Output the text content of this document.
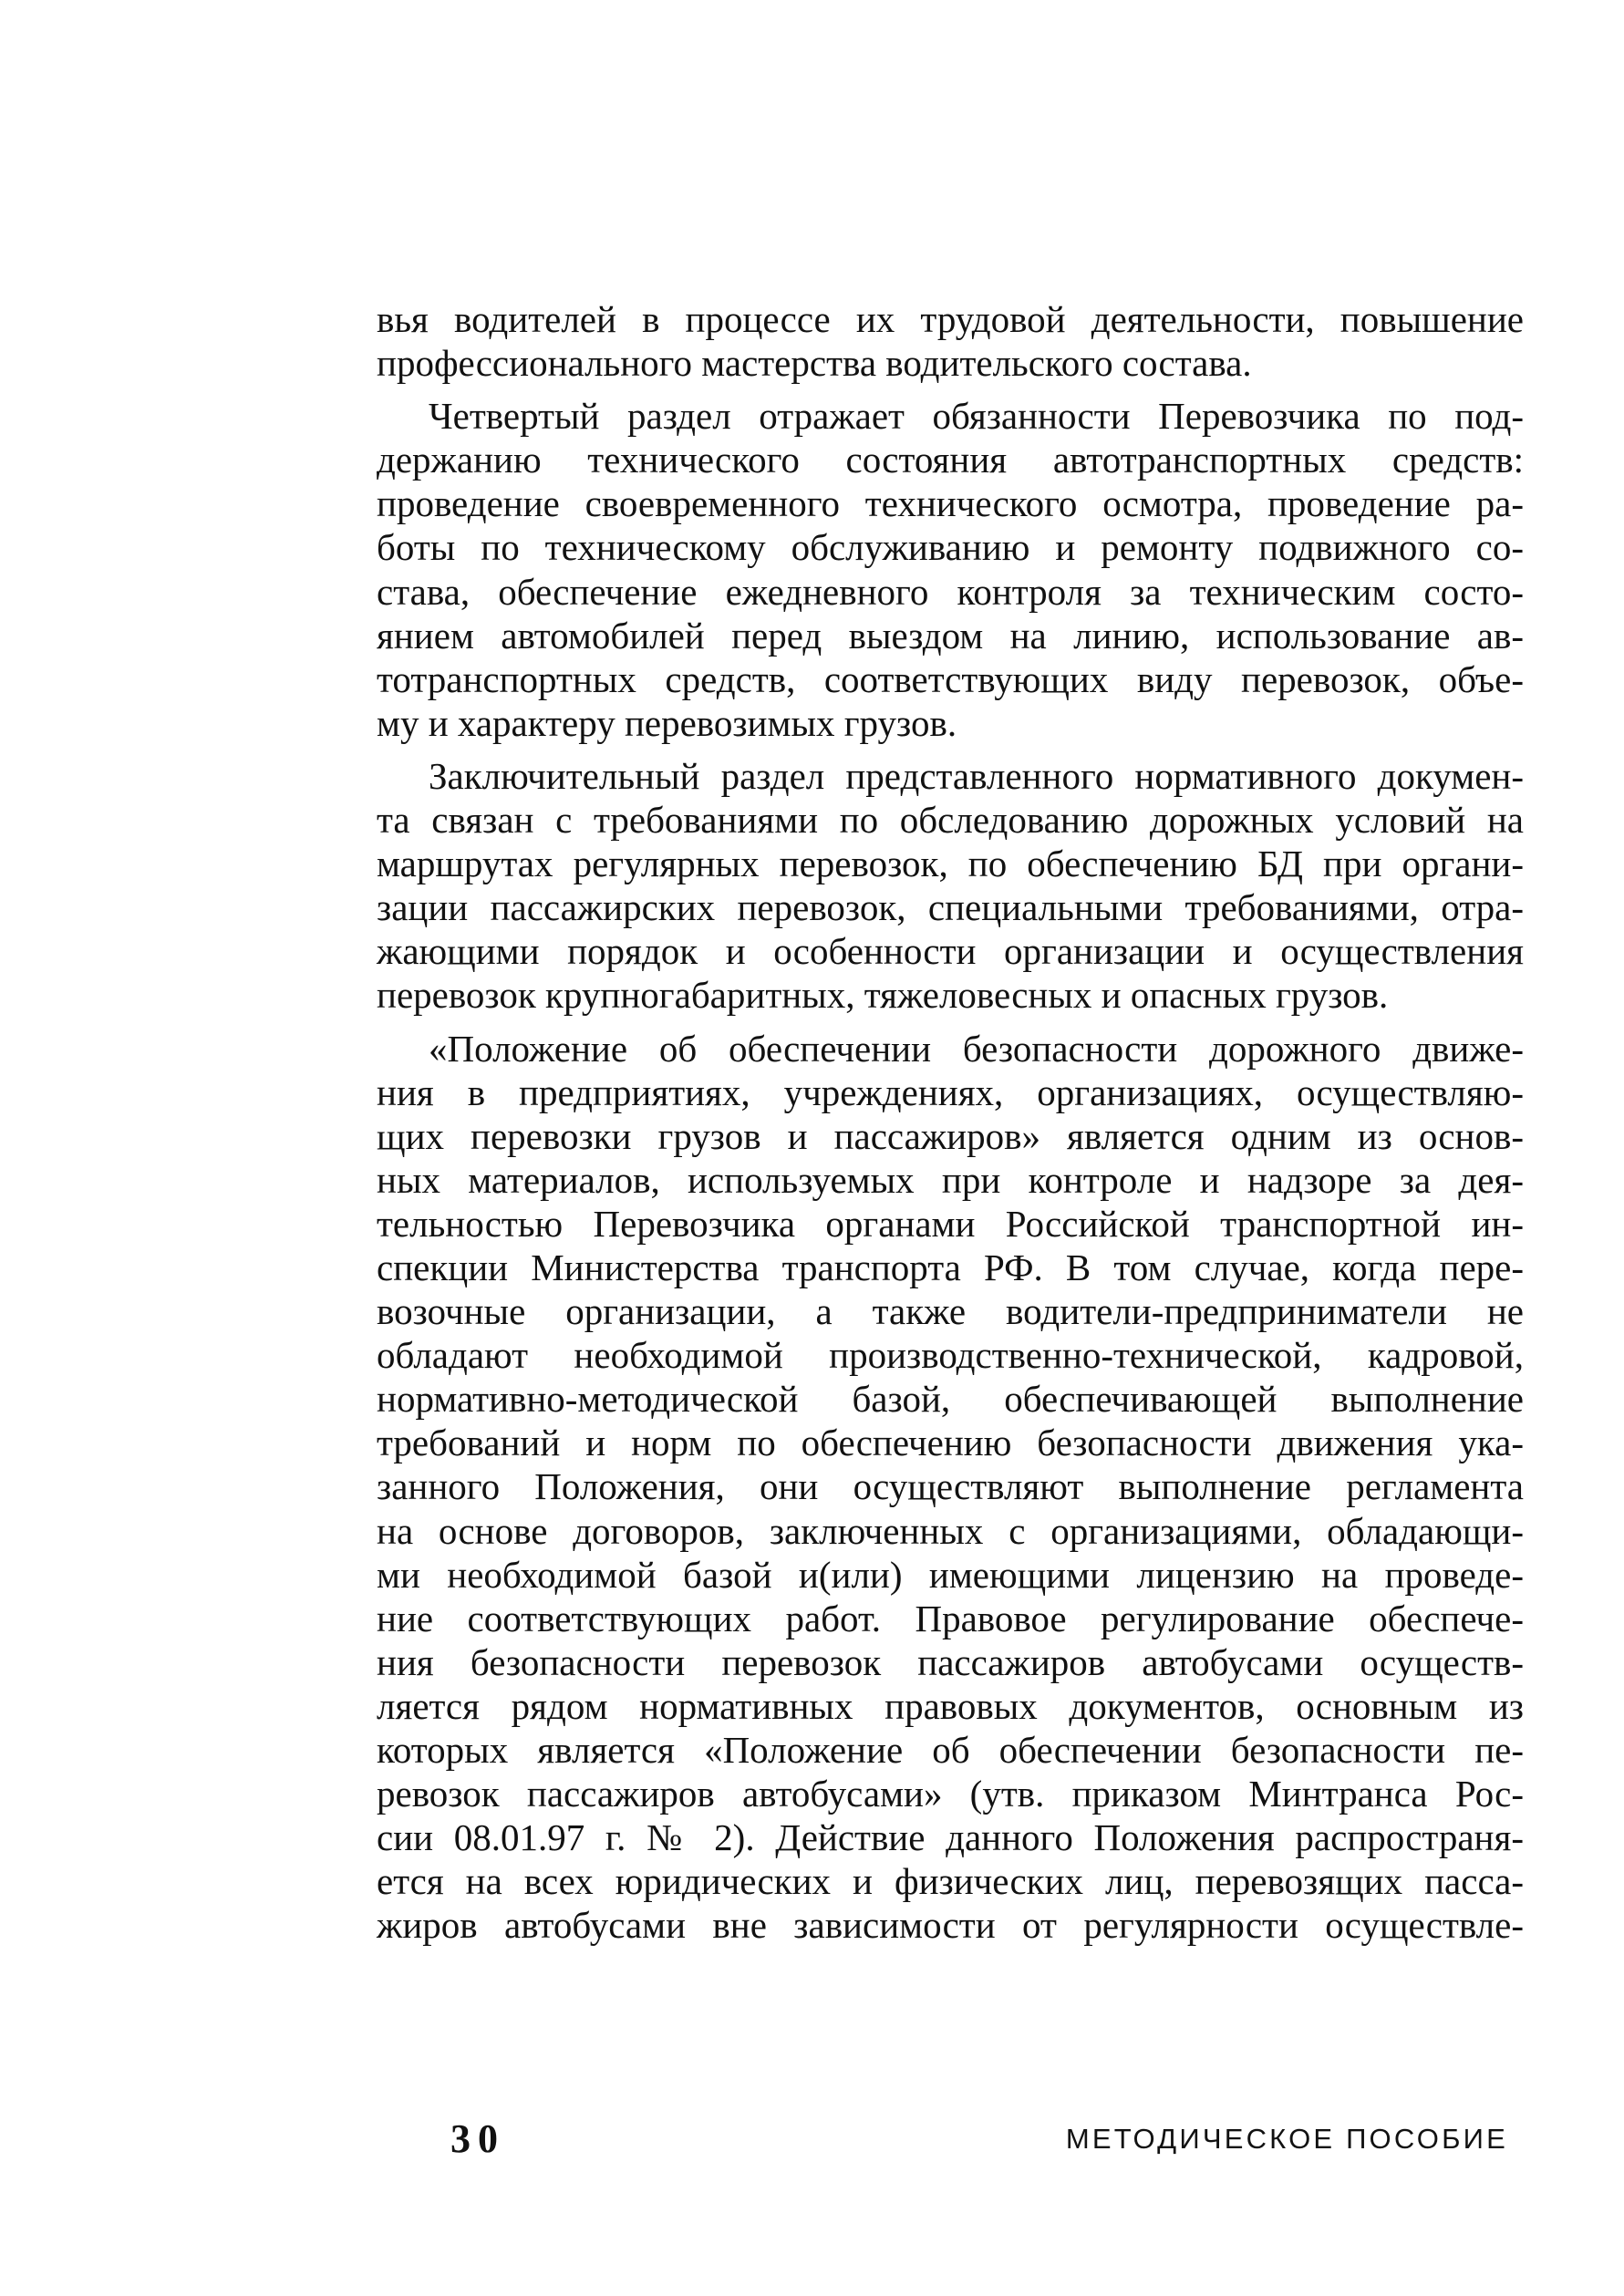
вья водителей в процессе их трудовой деятельности, повышение
профессионального мастерства водительского состава.
Четвертый раздел отражает обязанности Перевозчика по под-
держанию технического состояния автотранспортных средств:
проведение своевременного технического осмотра, проведение ра-
боты по техническому обслуживанию и ремонту подвижного со-
става, обеспечение ежедневного контроля за техническим состо-
янием автомобилей перед выездом на линию, использование ав-
тотранспортных средств, соответствующих виду перевозок, объе-
му и характеру перевозимых грузов.
Заключительный раздел представленного нормативного докумен-
та связан с требованиями по обследованию дорожных условий на
маршрутах регулярных перевозок, по обеспечению БД при органи-
зации пассажирских перевозок, специальными требованиями, отра-
жающими порядок и особенности организации и осуществления
перевозок крупногабаритных, тяжеловесных и опасных грузов.
«Положение об обеспечении безопасности дорожного движе-
ния в предприятиях, учреждениях, организациях, осуществляю-
щих перевозки грузов и пассажиров» является одним из основ-
ных материалов, используемых при контроле и надзоре за дея-
тельностью Перевозчика органами Российской транспортной ин-
спекции Министерства транспорта РФ. В том случае, когда пере-
возочные организации, а также водители-предприниматели не
обладают необходимой производственно-технической, кадровой,
нормативно-методической базой, обеспечивающей выполнение
требований и норм по обеспечению безопасности движения ука-
занного Положения, они осуществляют выполнение регламента
на основе договоров, заключенных с организациями, обладающи-
ми необходимой базой и(или) имеющими лицензию на проведе-
ние соответствующих работ. Правовое регулирование обеспече-
ния безопасности перевозок пассажиров автобусами осуществ-
ляется рядом нормативных правовых документов, основным из
которых является «Положение об обеспечении безопасности пе-
ревозок пассажиров автобусами» (утв. приказом Минтранса Рос-
сии 08.01.97 г. № 2). Действие данного Положения распространя-
ется на всех юридических и физических лиц, перевозящих пасса-
жиров автобусами вне зависимости от регулярности осуществле-
30	МЕТОДИЧЕСКОЕ ПОСОБИЕ
